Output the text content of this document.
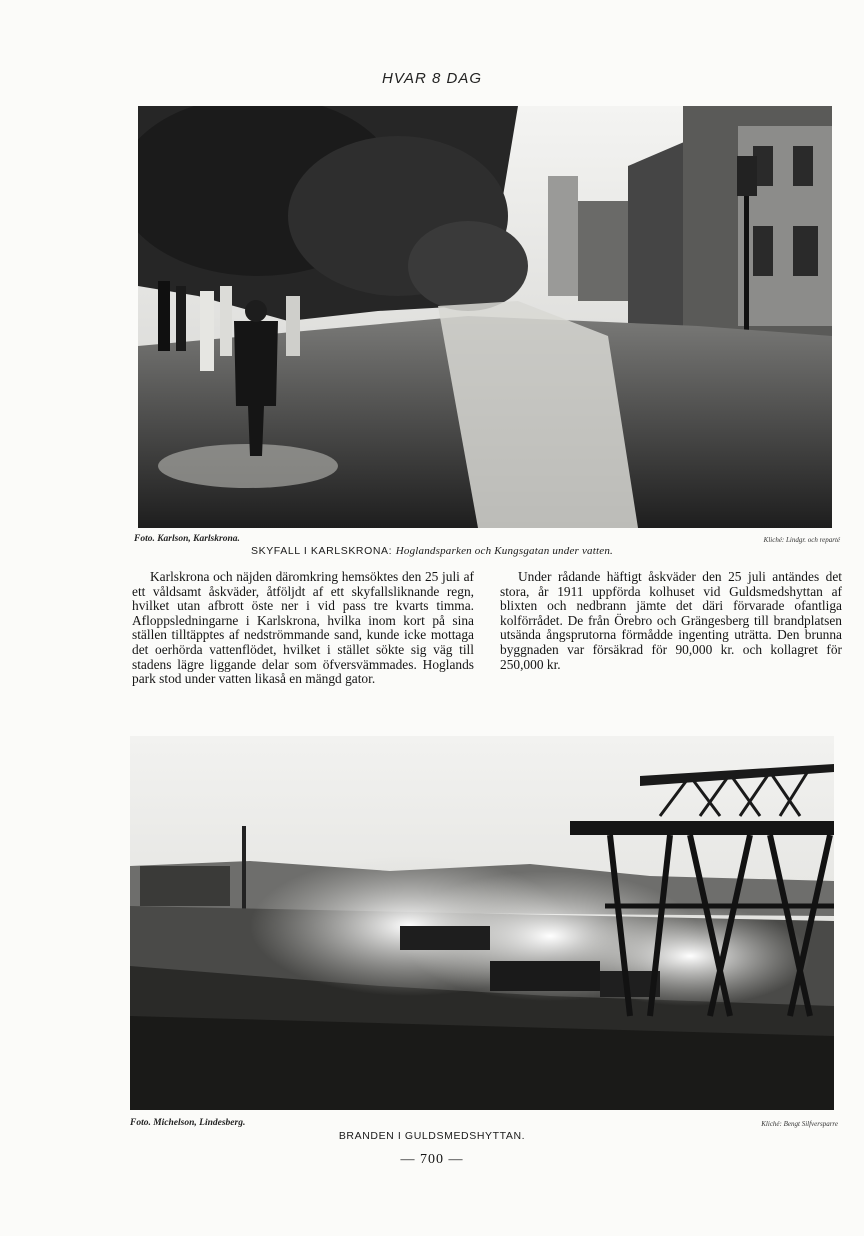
HVAR 8 DAG
Foto. Karlson, Karlskrona.	Kliché: Lindgr. och reparté
SKYFALL I KARLSKRONA: Hoglandsparken och Kungsgatan under vatten.

Karlskrona och näjden däromkring hemsöktes den 25 juli af ett våldsamt åskväder, åtföljdt af ett skyfallsliknande regn, hvilket utan afbrott öste ner i vid pass tre kvarts timma. Afloppsledningarne i Karlskrona, hvilka inom kort på sina ställen tilltäpptes af nedströmmande sand, kunde icke mottaga det oerhörda vattenflödet, hvilket i stället sökte sig väg till stadens lägre liggande delar som öfversvämmades. Hoglands park stod under vatten likaså en mängd gator.

Under rådande häftigt åskväder den 25 juli antändes det stora, år 1911 uppförda kolhuset vid Guldsmedshyttan af blixten och nedbrann jämte det däri förvarade ofantliga kolförrådet. De från Örebro och Grängesberg till brandplatsen utsända ångsprutorna förmådde ingenting uträtta. Den brunna byggnaden var försäkrad för 90,000 kr. och kollagret för 250,000 kr.

Foto. Michelson, Lindesberg.	Kliché: Bengt Silfversparre
BRANDEN I GULDSMEDSHYTTAN.
— 700 —
